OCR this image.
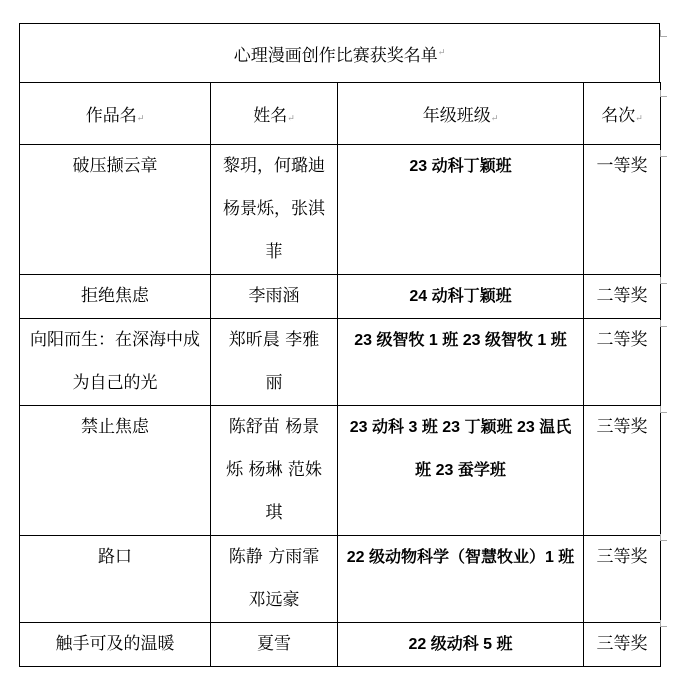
心理漫画创作比赛获奖名单 ↵
作品名↵	姓名↵	年级班级↵	名次↵
破压撷云章	黎玥，何璐迪杨景烁，张淇菲	23 动科丁颖班	一等奖
拒绝焦虑	李雨涵	24 动科丁颖班	二等奖
向阳而生：在深海中成为自己的光	郑昕晨 李雅丽	23 级智牧 1 班 23 级智牧 1 班	二等奖
禁止焦虑	陈舒苗 杨景烁 杨琳 范姝琪	23 动科 3 班 23 丁颖班 23 温氏班 23 蚕学班	三等奖
路口	陈静 方雨霏 邓远豪	22 级动物科学（智慧牧业）1 班	三等奖
触手可及的温暖	夏雪	22 级动科 5 班	三等奖
